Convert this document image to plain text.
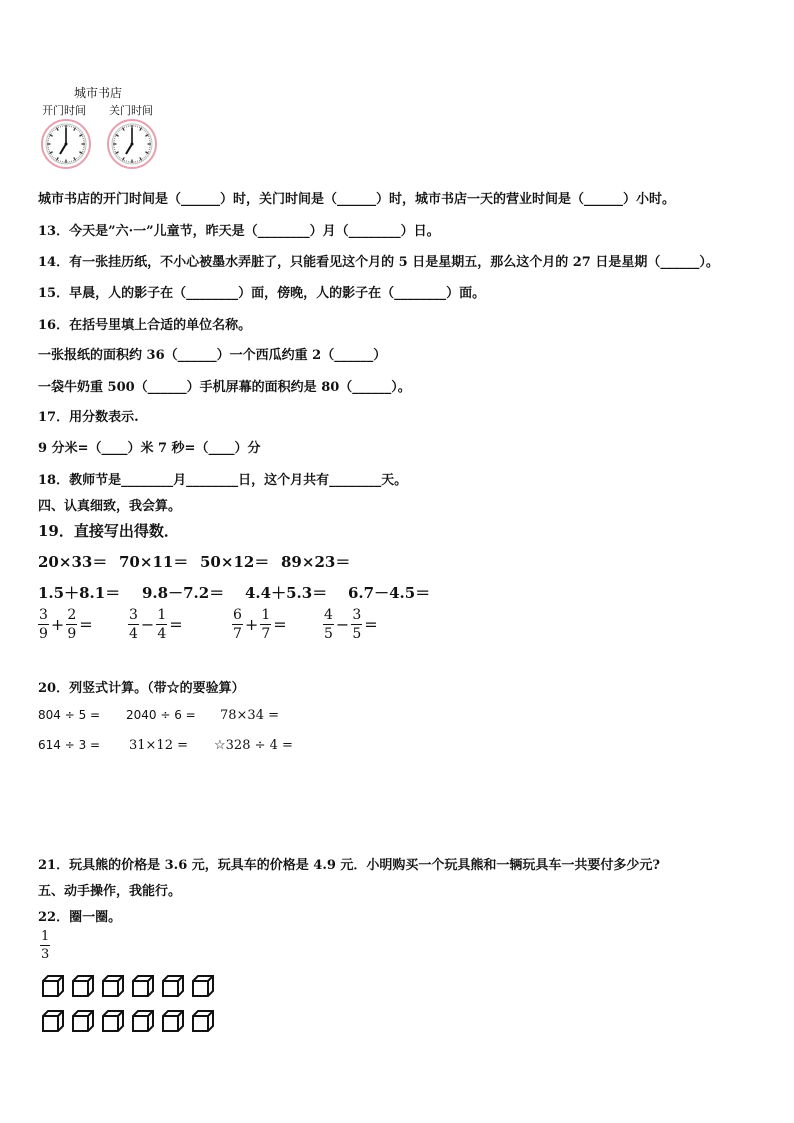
城市书店
开门时间 关门时间
城市书店的开门时间是（______）时，关门时间是（______）时，城市书店一天的营业时间是（______）小时。
13．今天是”六·一”儿童节，昨天是（________）月（________）日。
14．有一张挂历纸，不小心被墨水弄脏了，只能看见这个月的 5 日是星期五，那么这个月的 27 日是星期（______）。
15．早晨，人的影子在（________）面，傍晚，人的影子在（________）面。
16．在括号里填上合适的单位名称。
一张报纸的面积约 36（______）一个西瓜约重 2（______）
一袋牛奶重 500（______）手机屏幕的面积约是 80（______）。
17．用分数表示.
9 分米=（____）米 7 秒=（____）分
18．教师节是________月________日，这个月共有________天。
四、认真细致，我会算。
19．直接写出得数．
20×33＝ 70×11＝ 50×12＝ 89×23＝
1.5＋8.1＝ 9.8－7.2＝ 4.4＋5.3＝ 6.7－4.5＝
$\frac{3}{9} + \frac{2}{9}$ =	$\frac{3}{4} - \frac{1}{4}$ =	$\frac{6}{7} + \frac{1}{7}$ =	$\frac{4}{5} - \frac{3}{5}$ =
20．列竖式计算。（带☆的要验算）
804 ÷ 5 = 2040 ÷ 6 = 78×34 =
614 ÷ 3 = 31×12 = ☆328 ÷ 4 =
21．玩具熊的价格是 3.6 元，玩具车的价格是 4.9 元．小明购买一个玩具熊和一辆玩具车一共要付多少元?
五、动手操作，我能行。
22．圈一圈。
$\frac{1}{3}$
